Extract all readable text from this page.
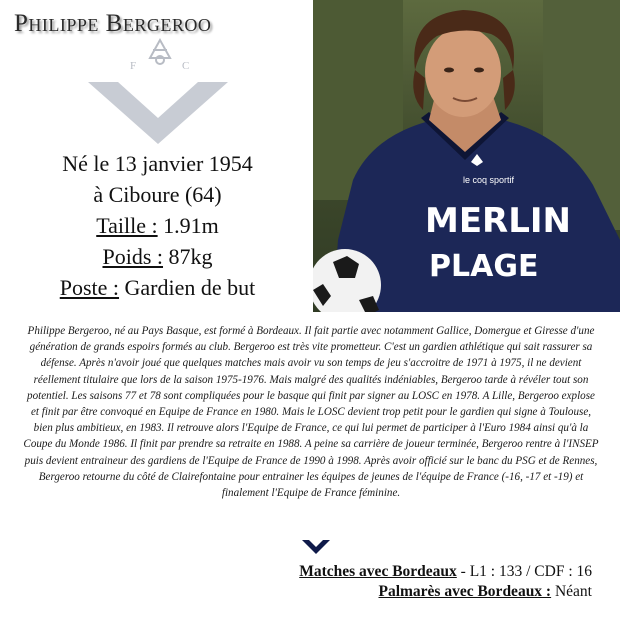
Philippe Bergeroo
F	C
Né le 13 janvier 1954
à Ciboure (64)
Taille : 1.91m
Poids : 87kg
Poste : Gardien de but
le coq sportif
MERLIN
PLAGE
Philippe Bergeroo, né au Pays Basque, est formé à Bordeaux. Il fait partie avec notamment Gallice, Domergue et Giresse d'une génération de grands espoirs formés au club. Bergeroo est très vite prometteur. C'est un gardien athlétique qui sait rassurer sa défense. Après n'avoir joué que quelques matches mais avoir vu son temps de jeu s'accroitre de 1971 à 1975, il ne devient réellement titulaire que lors de la saison 1975-1976. Mais malgré des qualités indéniables, Bergeroo tarde à révéler tout son potentiel. Les saisons 77 et 78 sont compliquées pour le basque qui finit par signer au LOSC en 1978. A Lille, Bergeroo explose et finit par être convoqué en Equipe de France en 1980. Mais le LOSC devient trop petit pour le gardien qui signe à Toulouse, bien plus ambitieux, en 1983. Il retrouve alors l'Equipe de France, ce qui lui permet de participer à l'Euro 1984 ainsi qu'à la Coupe du Monde 1986. Il finit par prendre sa retraite en 1988. A peine sa carrière de joueur terminée, Bergeroo rentre à l'INSEP puis devient entraineur des gardiens de l'Equipe de France de 1990 à 1998. Après avoir officié sur le banc du PSG et de Rennes, Bergeroo retourne du côté de Clairefontaine pour entrainer les équipes de jeunes de l'équipe de France (-16, -17 et -19) et finalement l'Equipe de France féminine.
Matches avec Bordeaux - L1 : 133 / CDF : 16
Palmarès avec Bordeaux : Néant
